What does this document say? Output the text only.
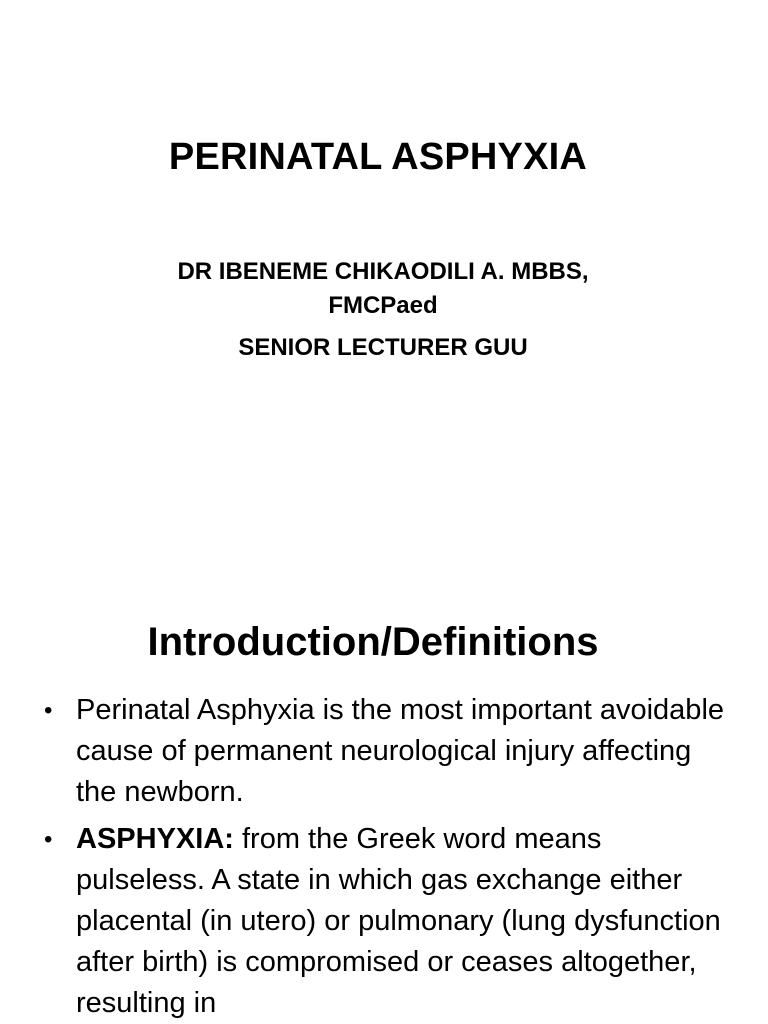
PERINATAL ASPHYXIA
DR IBENEME CHIKAODILI A. MBBS, FMCPaed
SENIOR LECTURER GUU
Introduction/Definitions
• Perinatal Asphyxia is the most important avoidable cause of permanent neurological injury affecting the newborn.
• ASPHYXIA: from the Greek word means pulseless. A state in which gas exchange either placental (in utero) or pulmonary (lung dysfunction after birth) is compromised or ceases altogether, resulting in
